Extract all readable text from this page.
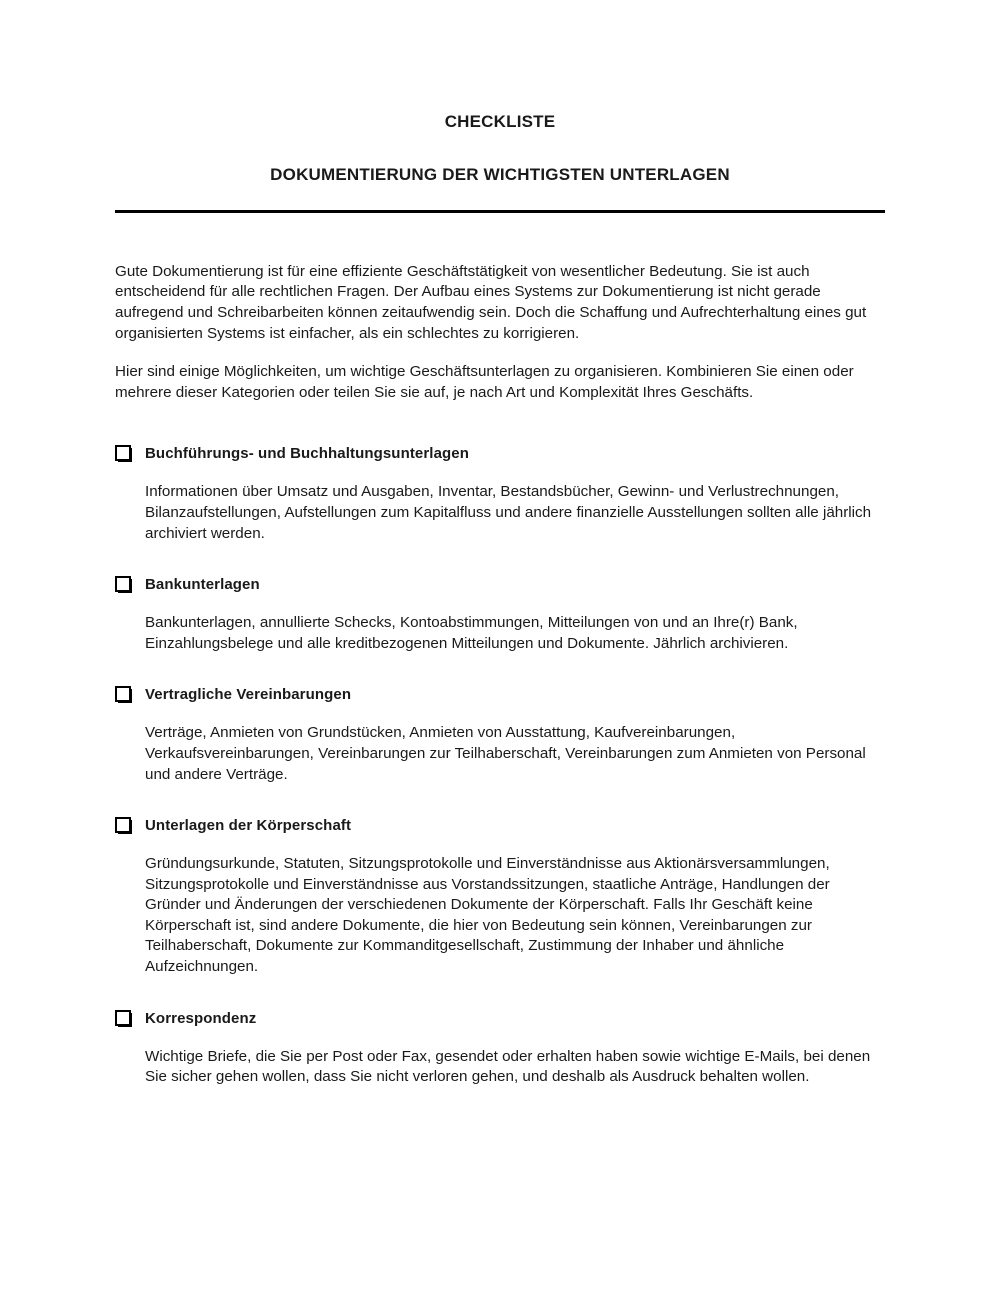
CHECKLISTE
DOKUMENTIERUNG DER WICHTIGSTEN UNTERLAGEN

Gute Dokumentierung ist für eine effiziente Geschäftstätigkeit von wesentlicher Bedeutung. Sie ist auch entscheidend für alle rechtlichen Fragen. Der Aufbau eines Systems zur Dokumentierung ist nicht gerade aufregend und Schreibarbeiten können zeitaufwendig sein. Doch die Schaffung und Aufrechterhaltung eines gut organisierten Systems ist einfacher, als ein schlechtes zu korrigieren.

Hier sind einige Möglichkeiten, um wichtige Geschäftsunterlagen zu organisieren. Kombinieren Sie einen oder mehrere dieser Kategorien oder teilen Sie sie auf, je nach Art und Komplexität Ihres Geschäfts.

Buchführungs- und Buchhaltungsunterlagen

Informationen über Umsatz und Ausgaben, Inventar, Bestandsbücher, Gewinn- und Verlustrechnungen, Bilanzaufstellungen, Aufstellungen zum Kapitalfluss und andere finanzielle Ausstellungen sollten alle jährlich archiviert werden.

Bankunterlagen

Bankunterlagen, annullierte Schecks, Kontoabstimmungen, Mitteilungen von und an Ihre(r) Bank, Einzahlungsbelege und alle kreditbezogenen Mitteilungen und Dokumente. Jährlich archivieren.

Vertragliche Vereinbarungen

Verträge, Anmieten von Grundstücken, Anmieten von Ausstattung, Kaufvereinbarungen, Verkaufsvereinbarungen, Vereinbarungen zur Teilhaberschaft, Vereinbarungen zum Anmieten von Personal und andere Verträge.

Unterlagen der Körperschaft

Gründungsurkunde, Statuten, Sitzungsprotokolle und Einverständnisse aus Aktionärsversammlungen, Sitzungsprotokolle und Einverständnisse aus Vorstandssitzungen, staatliche Anträge, Handlungen der Gründer und Änderungen der verschiedenen Dokumente der Körperschaft. Falls Ihr Geschäft keine Körperschaft ist, sind andere Dokumente, die hier von Bedeutung sein können, Vereinbarungen zur Teilhaberschaft, Dokumente zur Kommanditgesellschaft, Zustimmung der Inhaber und ähnliche Aufzeichnungen.

Korrespondenz

Wichtige Briefe, die Sie per Post oder Fax, gesendet oder erhalten haben sowie wichtige E-Mails, bei denen Sie sicher gehen wollen, dass Sie nicht verloren gehen, und deshalb als Ausdruck behalten wollen.
